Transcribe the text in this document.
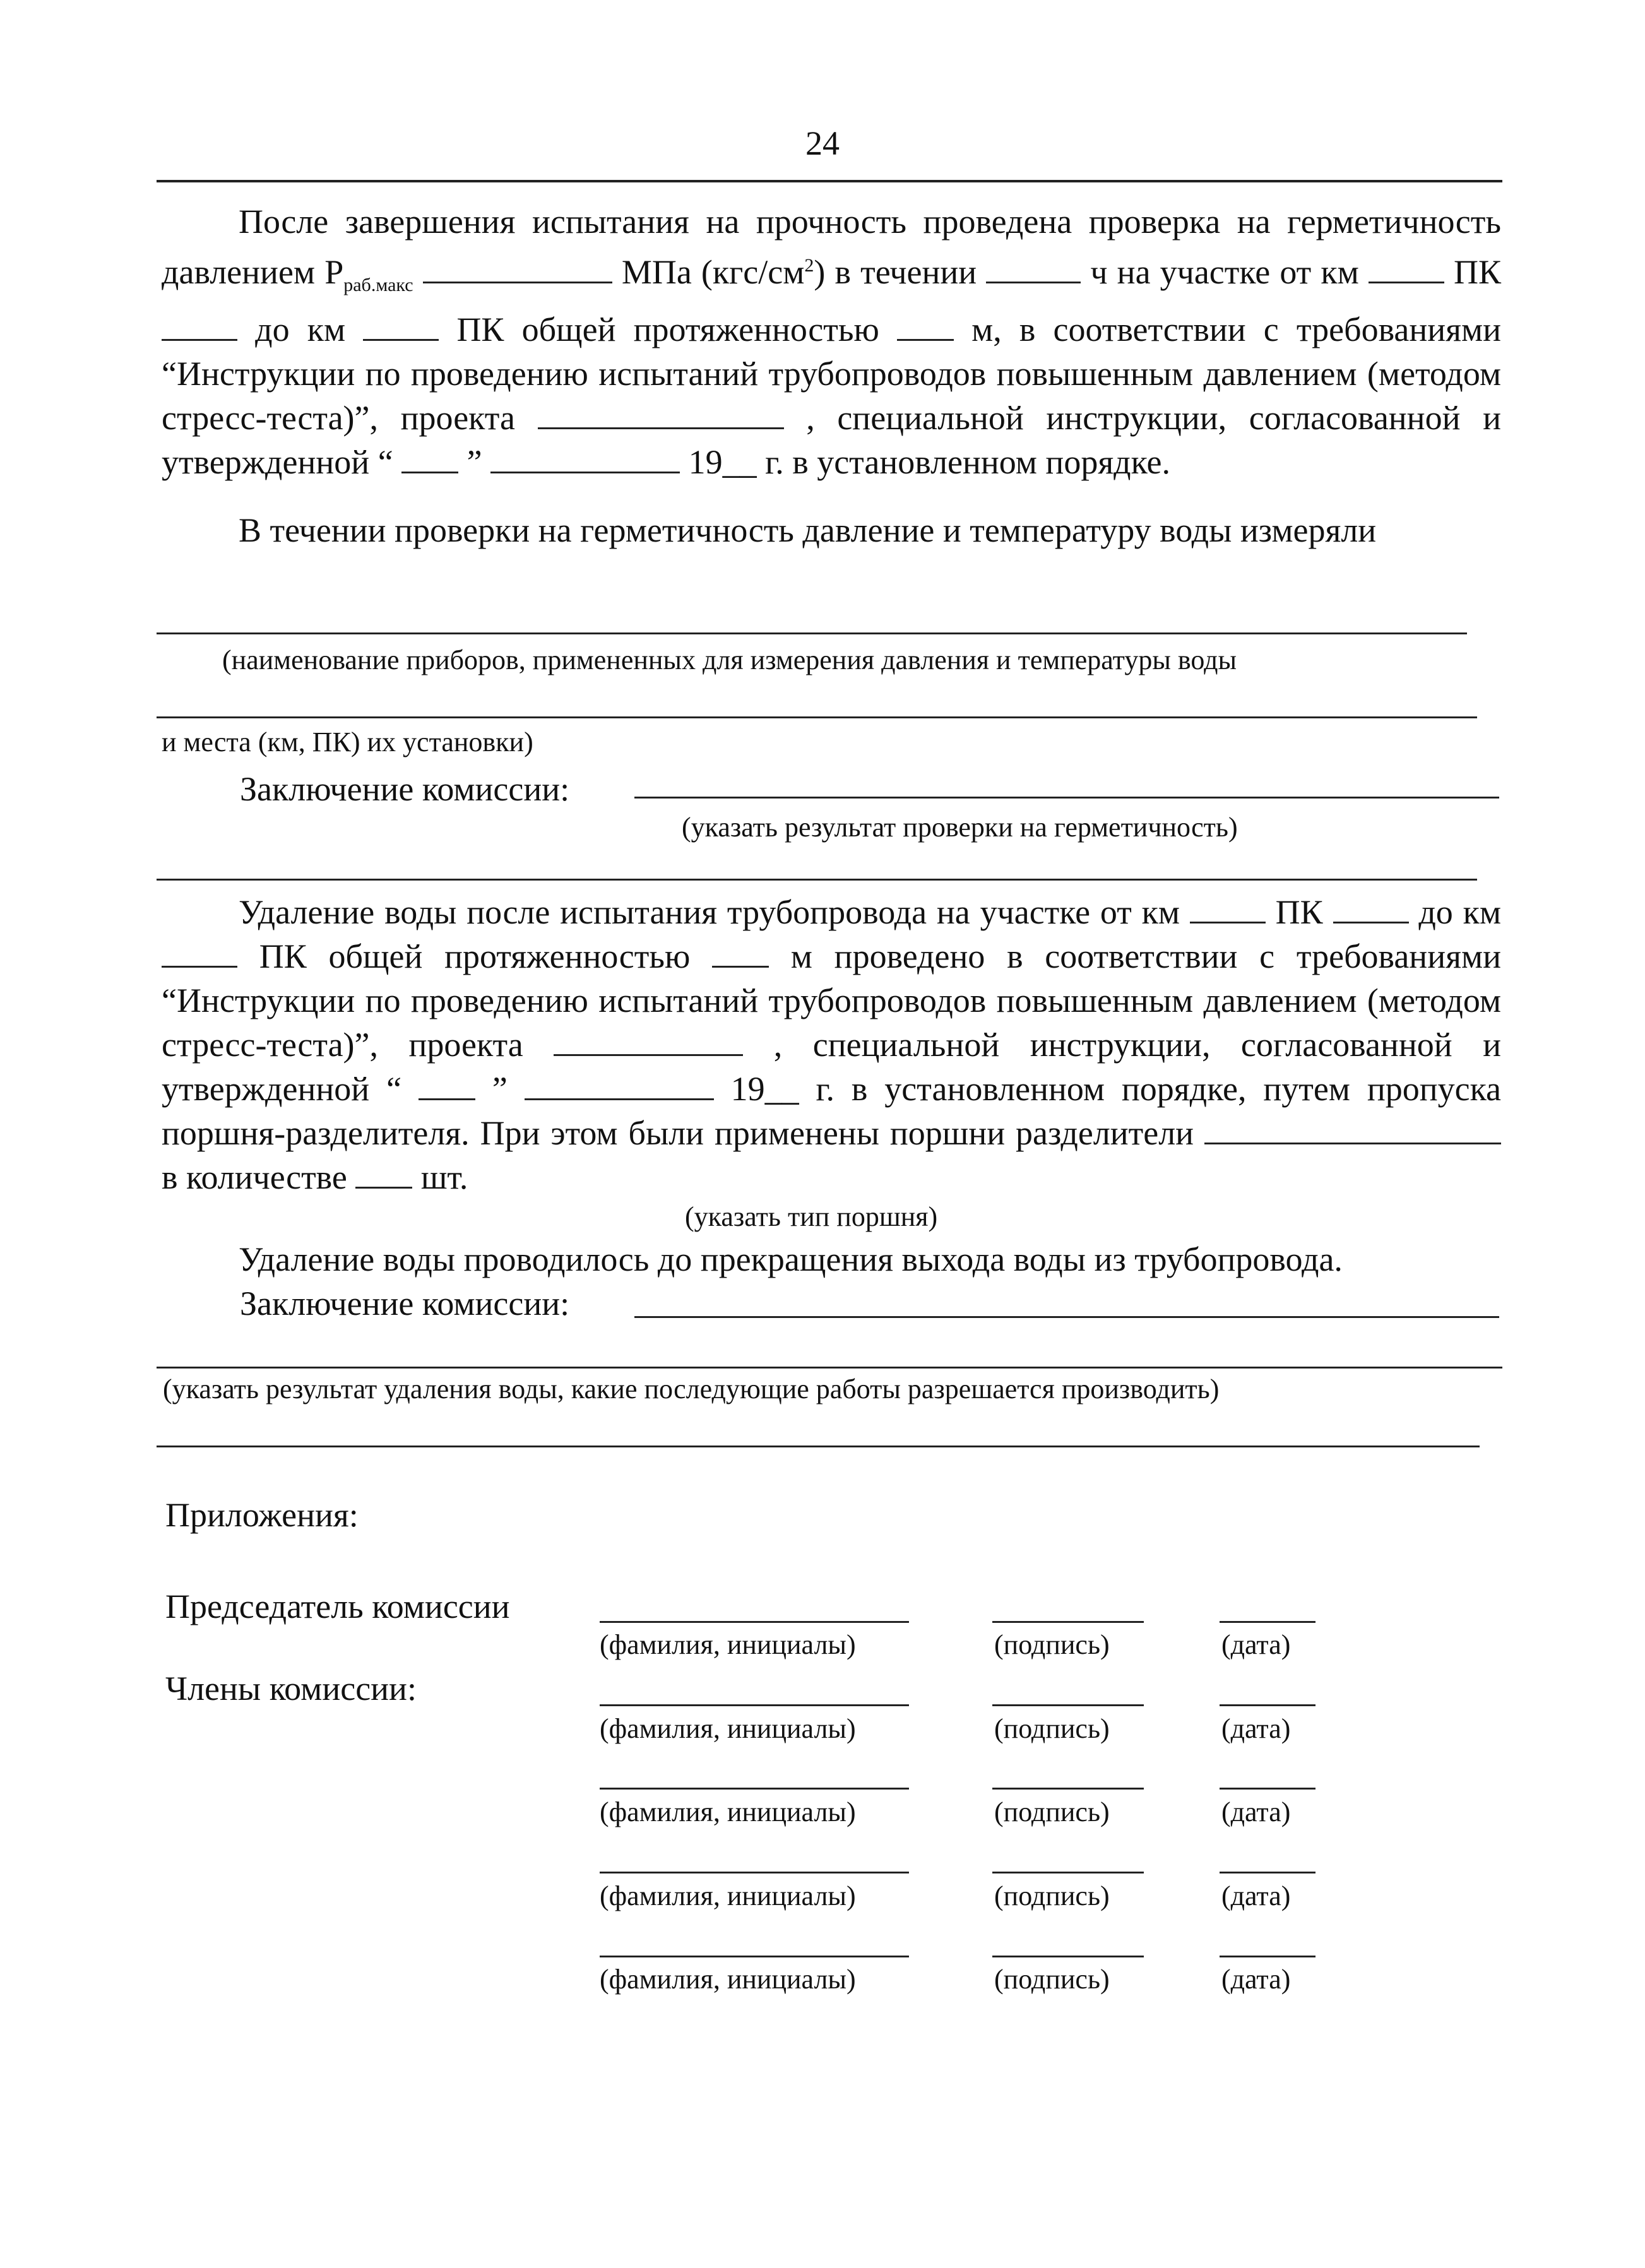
24
После завершения испытания на прочность проведена проверка на герметичность давлением $P_{раб.макс}$	МПа $(кгс/см^2)$ в течении	ч на участке от км	ПК  до км	ПК общей протяженностью	м, в соответствии с требованиями “Инструкции по проведению испытаний трубопроводов повышенным давлением (методом стресс-теста)”, проекта	, специальной инструкции, согласованной и утвержденной “ ”	19__ г. в установленном порядке.
В течении проверки на герметичность давление и температуру воды измеряли
(наименование приборов, примененных для измерения давления и температуры воды
и места (км, ПК) их установки)
Заключение комиссии:
(указать результат проверки на герметичность)
Удаление воды после испытания трубопровода на участке от км	ПК	до км  ПК общей протяженностью	м проведено в соответствии с требованиями “Инструкции по проведению испытаний трубопроводов повышенным давлением (методом стресс-теста)”, проекта	, специальной инструкции, согласованной и утвержденной “	”	19__ г. в установленном порядке, путем пропуска поршня-разделителя. При этом были применены поршни разделители  в количестве шт.
(указать тип поршня)
Удаление воды проводилось до прекращения выхода воды из трубопровода.
Заключение комиссии:
(указать результат удаления воды, какие последующие работы разрешается производить)
Приложения:
Председатель комиссии
Члены комиссии:
(фамилия, инициалы)	(подпись)	(дата)
(фамилия, инициалы)	(подпись)	(дата)
(фамилия, инициалы)	(подпись)	(дата)
(фамилия, инициалы)	(подпись)	(дата)
(фамилия, инициалы)	(подпись)	(дата)
